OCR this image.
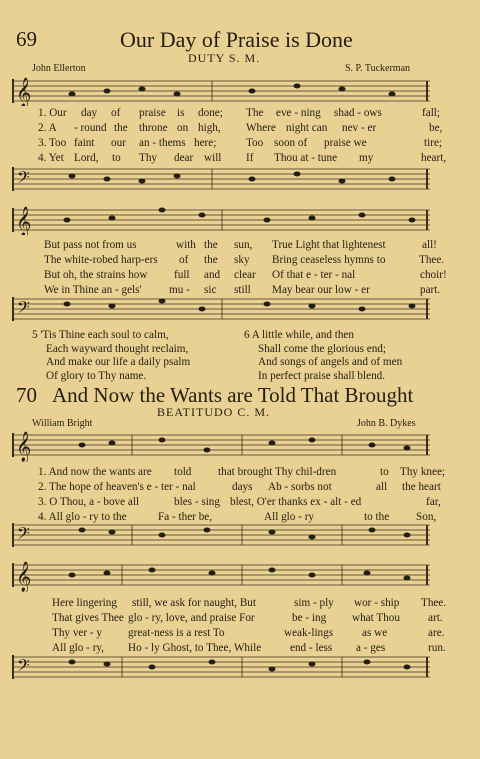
69	Our Day of Praise is Done
DUTY S. M.
John Ellerton	S. P. Tuckerman
𝄞
1. Our day of praise is done; The eve - ning shad - ows	fall;
2. A - round the throne on high, Where night can nev - er	be,
3. Too faint our an - thems here;	Too soon of praise we	tire;
4. Yet Lord, to Thy dear will If Thou at - tune my	heart,
𝄢
𝄞
But pass not from us	with the sun, True Light that lightenest	all!
The white-robed harp-ers of the sky Bring ceaseless hymns to	Thee.
But oh, the strains how full and clear Of that e - ter - nal	choir!
We in Thine an - gels' mu - sic still May bear our low - er	part.
𝄢
5 'Tis Thine each soul to calm,
Each wayward thought reclaim,
And make our life a daily psalm
Of glory to Thy name.
6 A little while, and then
Shall come the glorious end;
And songs of angels and of men
In perfect praise shall blend.
70 And Now the Wants are Told That Brought
BEATITUDO C. M.
William Bright	John B. Dykes
𝄞
1. And now the wants are told that brought Thy chil-dren	to Thy knee;
2. The hope of heaven's e - ter - nal	days Ab - sorbs not	all the heart
3. O Thou, a - bove all	bles - sing blest, O'er thanks ex - alt - ed	far,
4. All glo - ry to the	Fa - ther be,	All glo - ry	to the Son,
𝄢
𝄞
Here lingering still, we ask for naught, But	sim - ply wor - ship Thee.
That gives Thee glo - ry, love, and praise For	be - ing what Thou	art.
Thy ver - y great-ness is a rest To	weak-lings	as we	are.
All glo - ry, Ho - ly Ghost, to Thee, While	end - less a - ges	run.
𝄢
